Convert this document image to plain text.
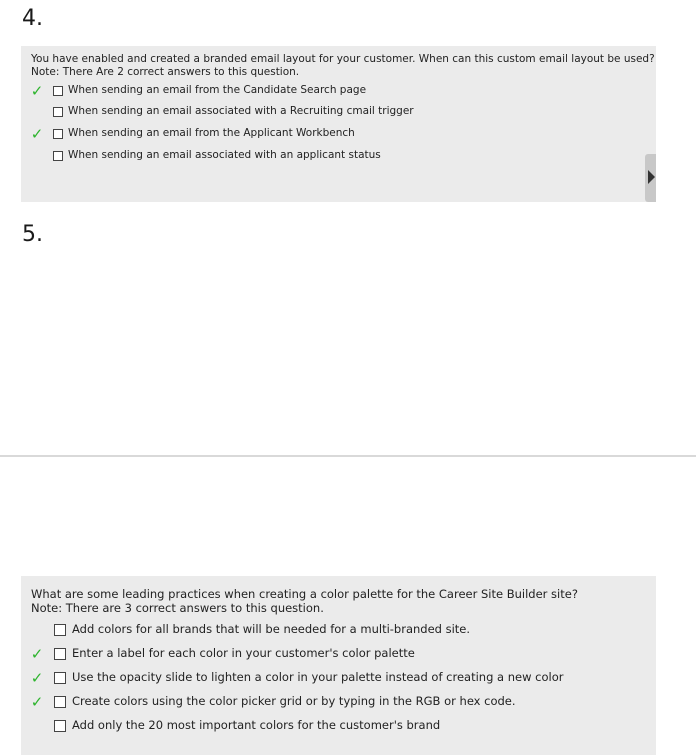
4.
You have enabled and created a branded email layout for your customer. When can this custom email layout be used?
Note: There Are 2 correct answers to this question.
✓ When sending an email from the Candidate Search page
When sending an email associated with a Recruiting cmail trigger
✓ When sending an email from the Applicant Workbench
When sending an email associated with an applicant status
5.
What are some leading practices when creating a color palette for the Career Site Builder site?
Note: There are 3 correct answers to this question.
Add colors for all brands that will be needed for a multi-branded site.
✓ Enter a label for each color in your customer's color palette
✓ Use the opacity slide to lighten a color in your palette instead of creating a new color
✓ Create colors using the color picker grid or by typing in the RGB or hex code.
Add only the 20 most important colors for the customer's brand
